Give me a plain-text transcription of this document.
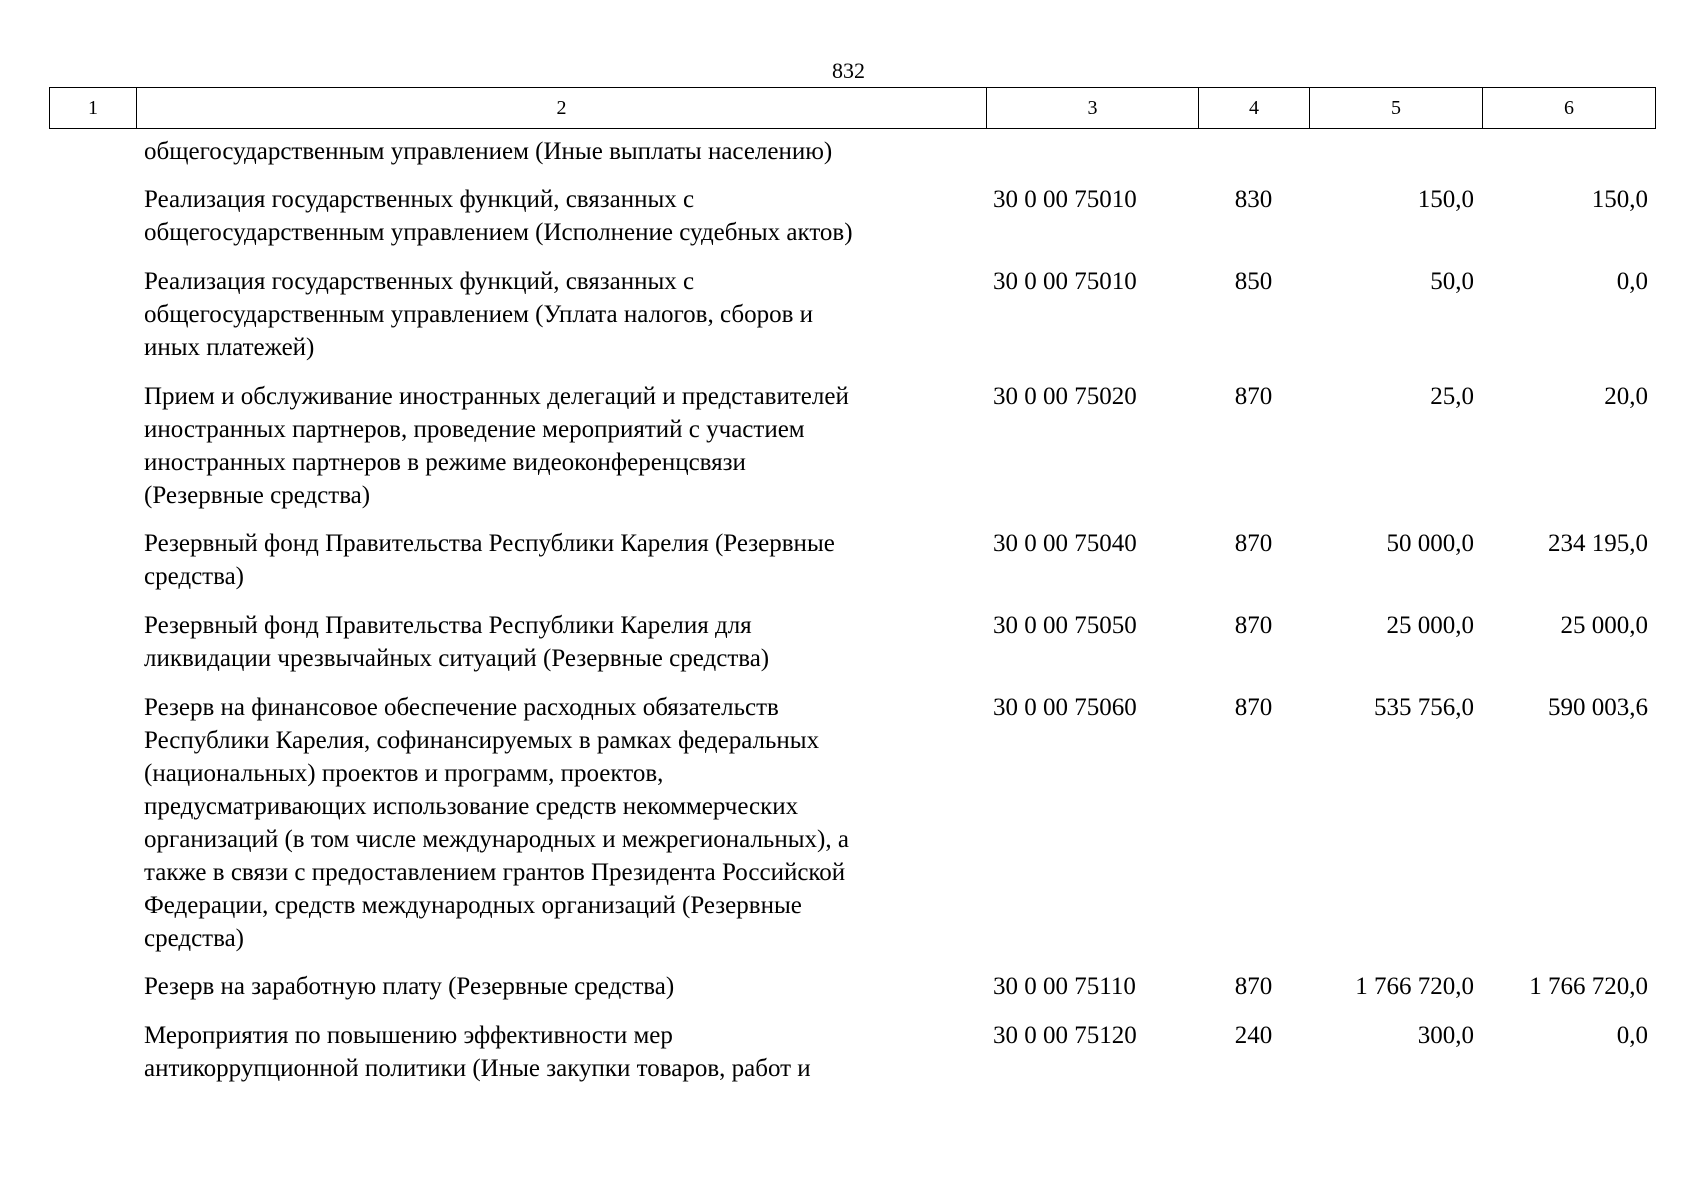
832
1	2	3	4	5	6
общегосударственным управлением (Иные выплаты населению)
Реализация государственных функций, связанных с
общегосударственным управлением (Исполнение судебных актов)
30 0 00 75010	830	150,0	150,0
Реализация государственных функций, связанных с
общегосударственным управлением (Уплата налогов, сборов и
иных платежей)
30 0 00 75010	850	50,0	0,0
Прием и обслуживание иностранных делегаций и представителей
иностранных партнеров, проведение мероприятий с участием
иностранных партнеров в режиме видеоконференцсвязи
(Резервные средства)
30 0 00 75020	870	25,0	20,0
Резервный фонд Правительства Республики Карелия (Резервные
средства)
30 0 00 75040	870	50 000,0	234 195,0
Резервный фонд Правительства Республики Карелия для
ликвидации чрезвычайных ситуаций (Резервные средства)
30 0 00 75050	870	25 000,0	25 000,0
Резерв на финансовое обеспечение расходных обязательств
Республики Карелия, софинансируемых в рамках федеральных
(национальных) проектов и программ, проектов,
предусматривающих использование средств некоммерческих
организаций (в том числе международных и межрегиональных), а
также в связи с предоставлением грантов Президента Российской
Федерации, средств международных организаций (Резервные
средства)
30 0 00 75060	870	535 756,0	590 003,6
Резерв на заработную плату (Резервные средства)	30 0 00 75110	870	1 766 720,0	1 766 720,0
Мероприятия по повышению эффективности мер
антикоррупционной политики (Иные закупки товаров, работ и
30 0 00 75120	240	300,0	0,0
